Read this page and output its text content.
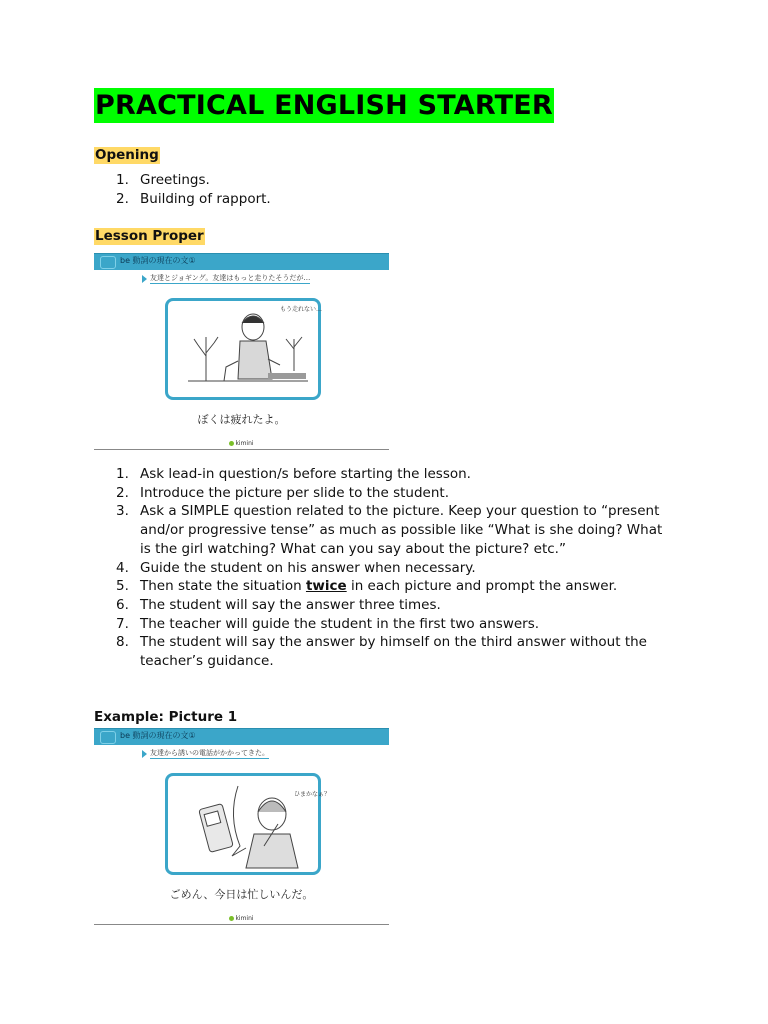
PRACTICAL ENGLISH STARTER
Opening
1. Greetings.
2. Building of rapport.
Lesson Proper
be 動詞の現在の文①
友達とジョギング。友達はもっと走りたそうだが…
もう走れない…
ぼくは疲れたよ。
kimini
1. Ask lead-in question/s before starting the lesson.
2. Introduce the picture per slide to the student.
3. Ask a SIMPLE question related to the picture. Keep your question to “present and/or progressive tense” as much as possible like “What is she doing? What is the girl watching? What can you say about the picture? etc.”
4. Guide the student on his answer when necessary.
5. Then state the situation twice in each picture and prompt the answer.
6. The student will say the answer three times.
7. The teacher will guide the student in the first two answers.
8. The student will say the answer by himself on the third answer without the teacher’s guidance.
Example: Picture 1
be 動詞の現在の文①
友達から誘いの電話がかかってきた。
ひまかなぁ？
ごめん、今日は忙しいんだ。
kimini
